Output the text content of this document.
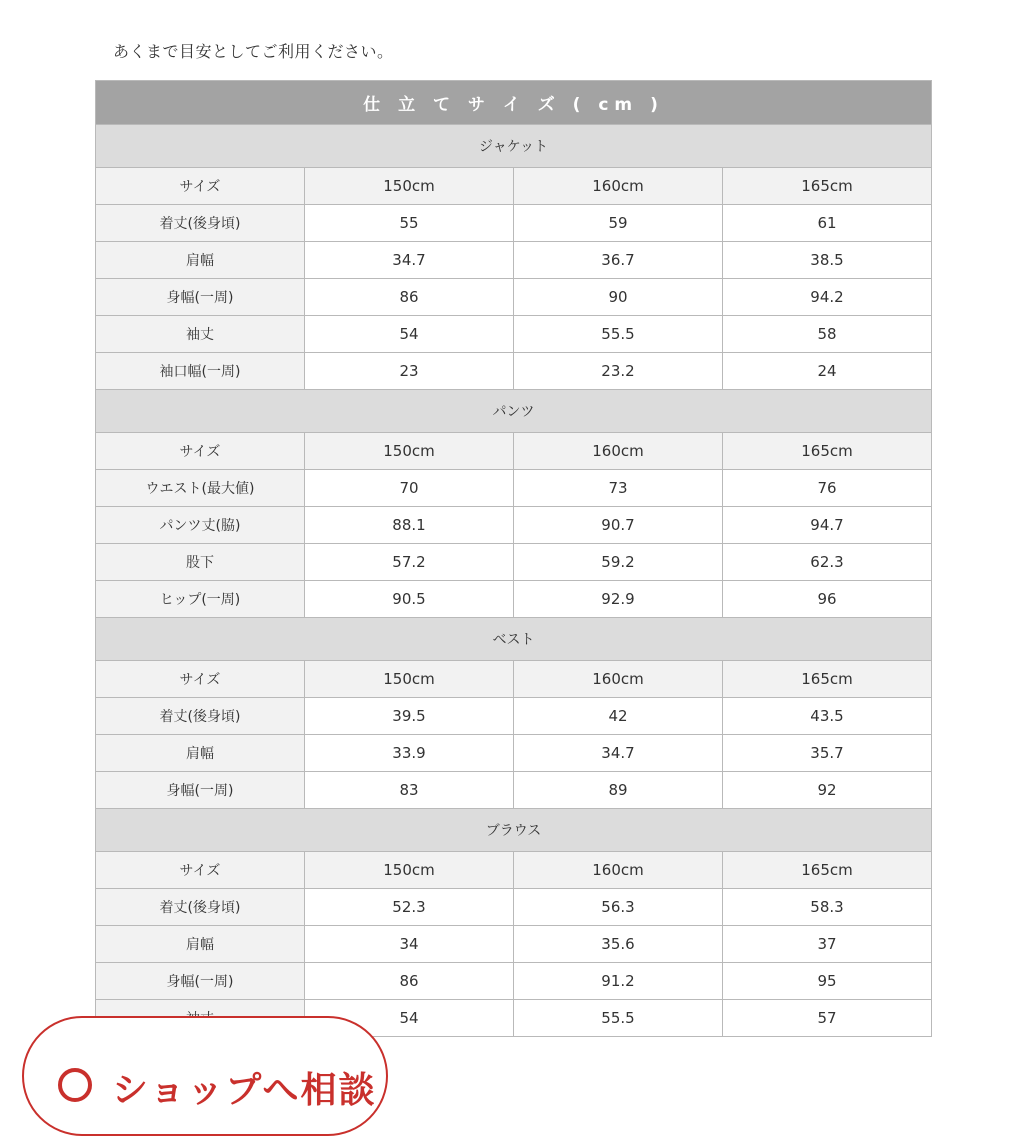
あくまで目安としてご利用ください。
仕 立 て サ イ ズ ( cm )			
ジャケット			
サイズ	150cm	160cm	165cm
着丈(後身頃)	55	59	61
肩幅	34.7	36.7	38.5
身幅(一周)	86	90	94.2
袖丈	54	55.5	58
袖口幅(一周)	23	23.2	24
パンツ			
サイズ	150cm	160cm	165cm
ウエスト(最大値)	70	73	76
パンツ丈(脇)	88.1	90.7	94.7
股下	57.2	59.2	62.3
ヒップ(一周)	90.5	92.9	96
ベスト			
サイズ	150cm	160cm	165cm
着丈(後身頃)	39.5	42	43.5
肩幅	33.9	34.7	35.7
身幅(一周)	83	89	92
ブラウス			
サイズ	150cm	160cm	165cm
着丈(後身頃)	52.3	56.3	58.3
肩幅	34	35.6	37
身幅(一周)	86	91.2	95
	54	55.5	57
ショップへ相談
